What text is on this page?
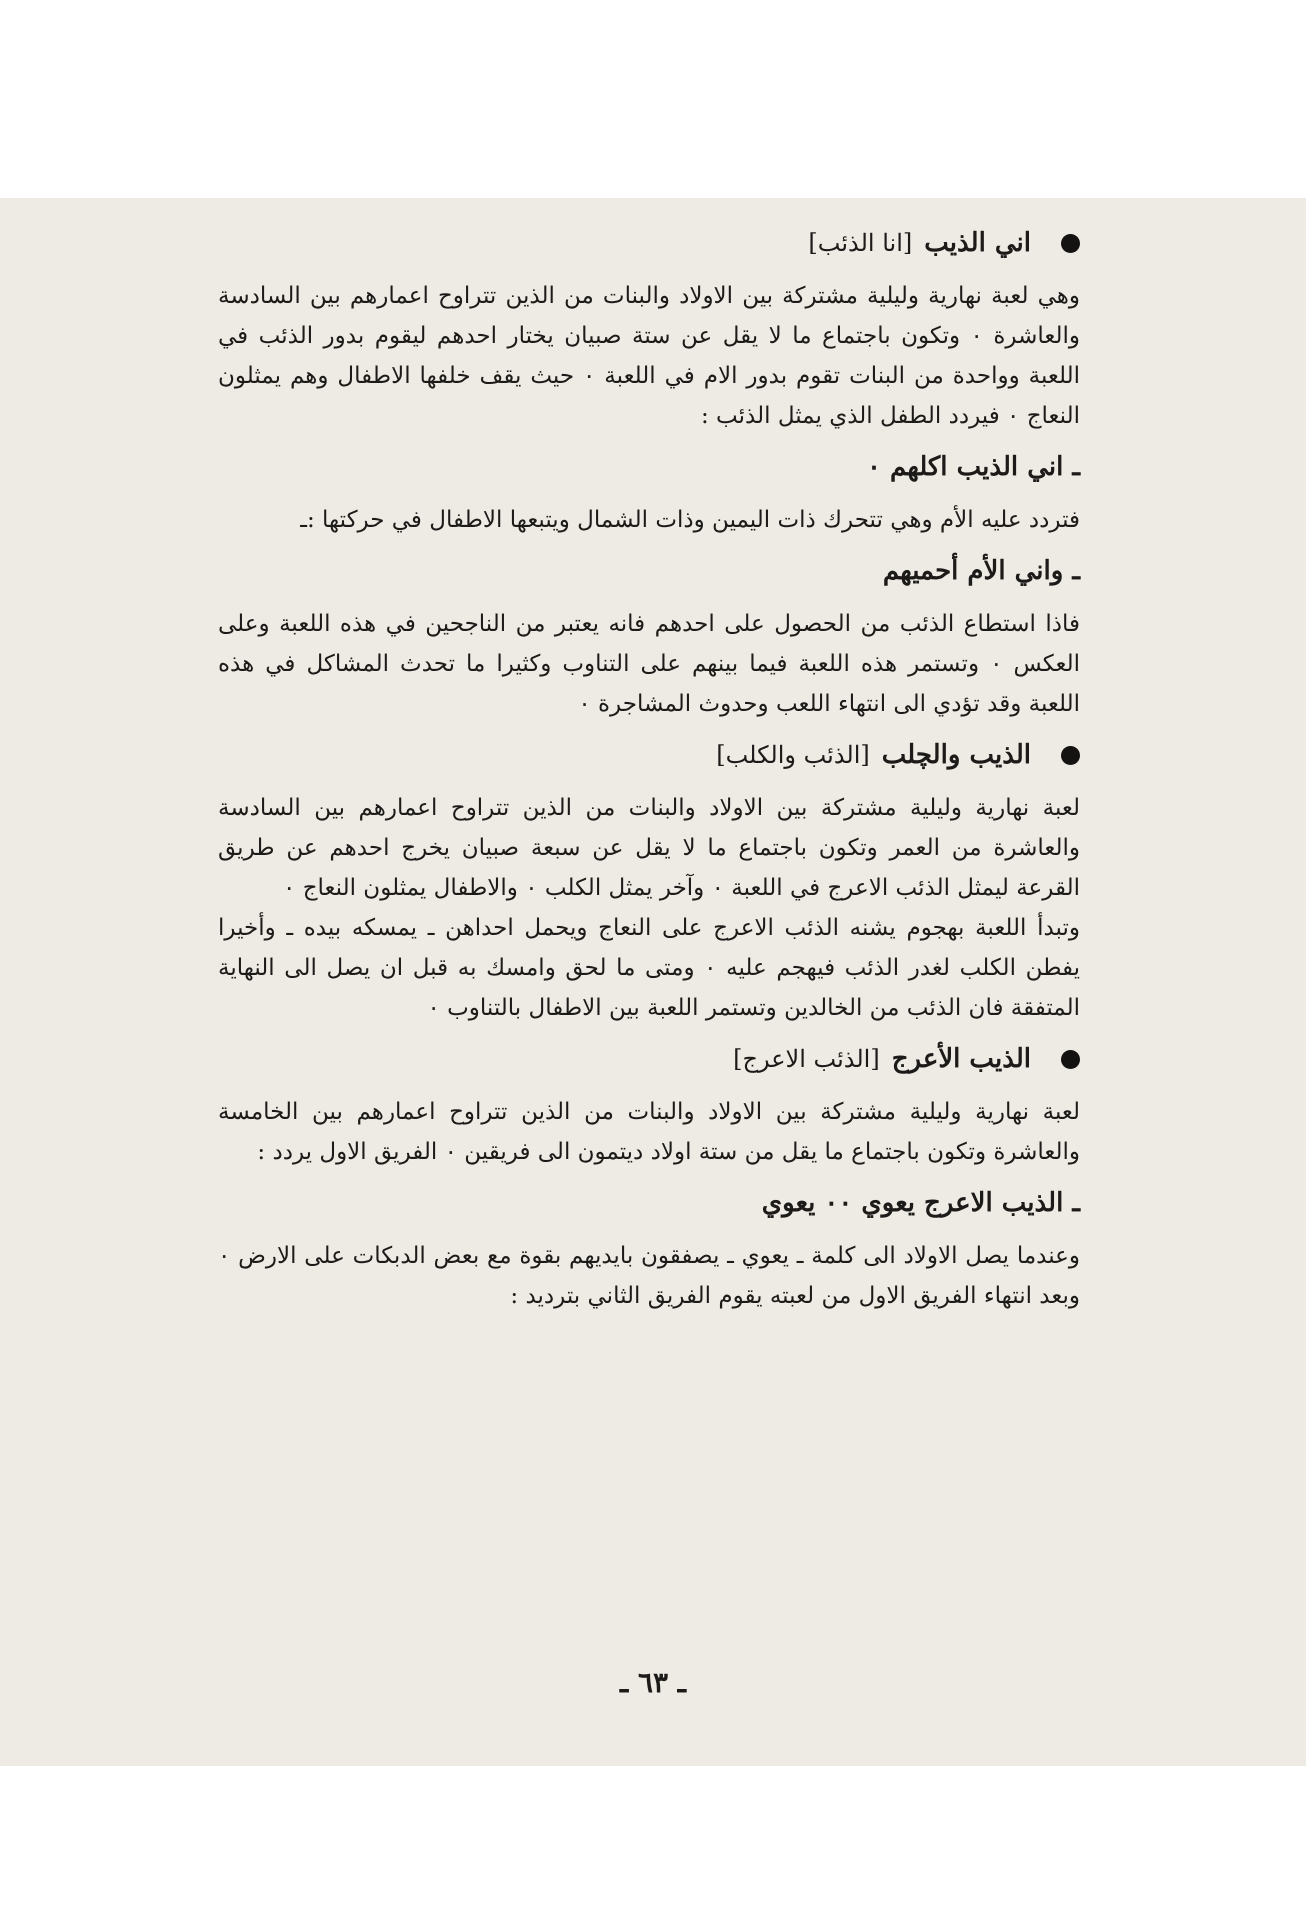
اني الذيب[انا الذئب]

وهي لعبة نهارية وليلية مشتركة بين الاولاد والبنات من الذين تتراوح اعمارهم بين السادسة والعاشرة ٠ وتكون باجتماع ما لا يقل عن ستة صبيان يختار احدهم ليقوم بدور الذئب في اللعبة وواحدة من البنات تقوم بدور الام في اللعبة ٠ حيث يقف خلفها الاطفال وهم يمثلون النعاج ٠ فيردد الطفل الذي يمثل الذئب :

ـ اني الذيب اكلهم ٠

فتردد عليه الأم وهي تتحرك ذات اليمين وذات الشمال ويتبعها الاطفال في حركتها :ـ

ـ واني الأم أحميهم

فاذا استطاع الذئب من الحصول على احدهم فانه يعتبر من الناجحين في هذه اللعبة وعلى العكس ٠ وتستمر هذه اللعبة فيما بينهم على التناوب وكثيرا ما تحدث المشاكل في هذه اللعبة وقد تؤدي الى انتهاء اللعب وحدوث المشاجرة ٠

الذيب والچلب[الذئب والكلب]

لعبة نهارية وليلية مشتركة بين الاولاد والبنات من الذين تتراوح اعمارهم بين السادسة والعاشرة من العمر وتكون باجتماع ما لا يقل عن سبعة صبيان يخرج احدهم عن طريق القرعة ليمثل الذئب الاعرج في اللعبة ٠ وآخر يمثل الكلب ٠ والاطفال يمثلون النعاج ٠

وتبدأ اللعبة بهجوم يشنه الذئب الاعرج على النعاج ويحمل احداهن ـ يمسكه بيده ـ وأخيرا يفطن الكلب لغدر الذئب فيهجم عليه ٠ ومتى ما لحق وامسك به قبل ان يصل الى النهاية المتفقة فان الذئب من الخالدين وتستمر اللعبة بين الاطفال بالتناوب ٠

الذيب الأعرج[الذئب الاعرج]

لعبة نهارية وليلية مشتركة بين الاولاد والبنات من الذين تتراوح اعمارهم بين الخامسة والعاشرة وتكون باجتماع ما يقل من ستة اولاد ديتمون الى فريقين ٠ الفريق الاول يردد :

ـ الذيب الاعرج يعوي ٠٠ يعوي

وعندما يصل الاولاد الى كلمة ـ يعوي ـ يصفقون بايديهم بقوة مع بعض الدبكات على الارض ٠ وبعد انتهاء الفريق الاول من لعبته يقوم الفريق الثاني بترديد :

ـ ٦٣ ـ
